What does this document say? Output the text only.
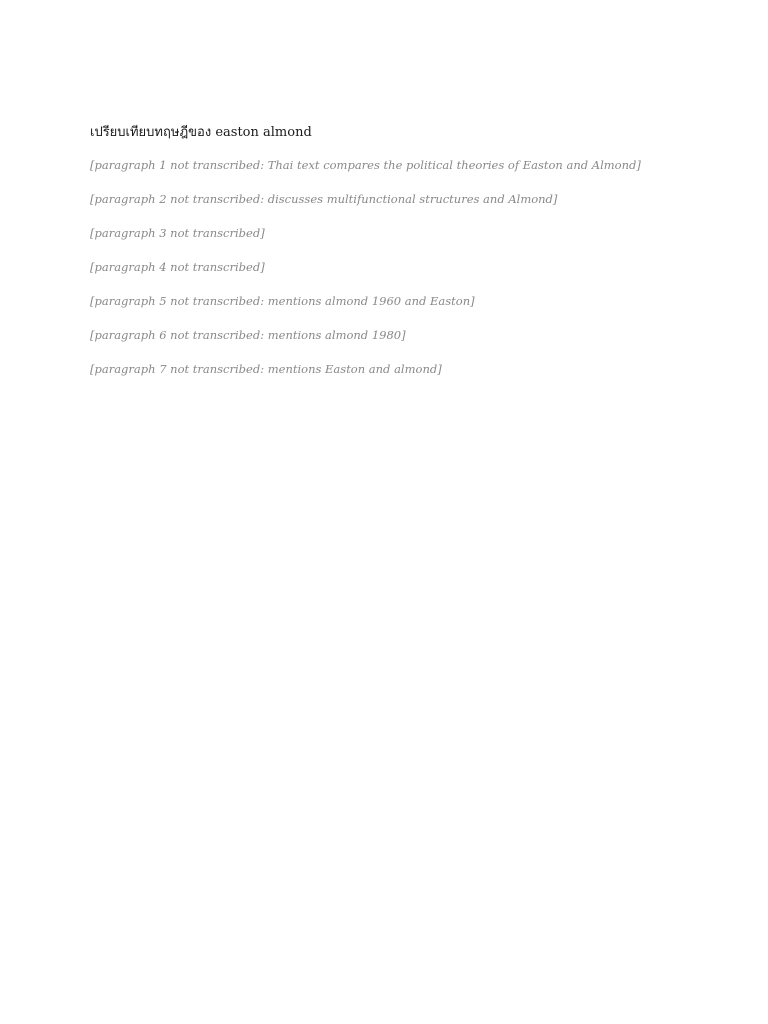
เปรียบเทียบทฤษฎีของ easton almond

[paragraph 1 not transcribed: Thai text compares the political theories of Easton and Almond]

[paragraph 2 not transcribed: discusses multifunctional structures and Almond]

[paragraph 3 not transcribed]

[paragraph 4 not transcribed]

[paragraph 5 not transcribed: mentions almond 1960 and Easton]

[paragraph 6 not transcribed: mentions almond 1980]

[paragraph 7 not transcribed: mentions Easton and almond]
